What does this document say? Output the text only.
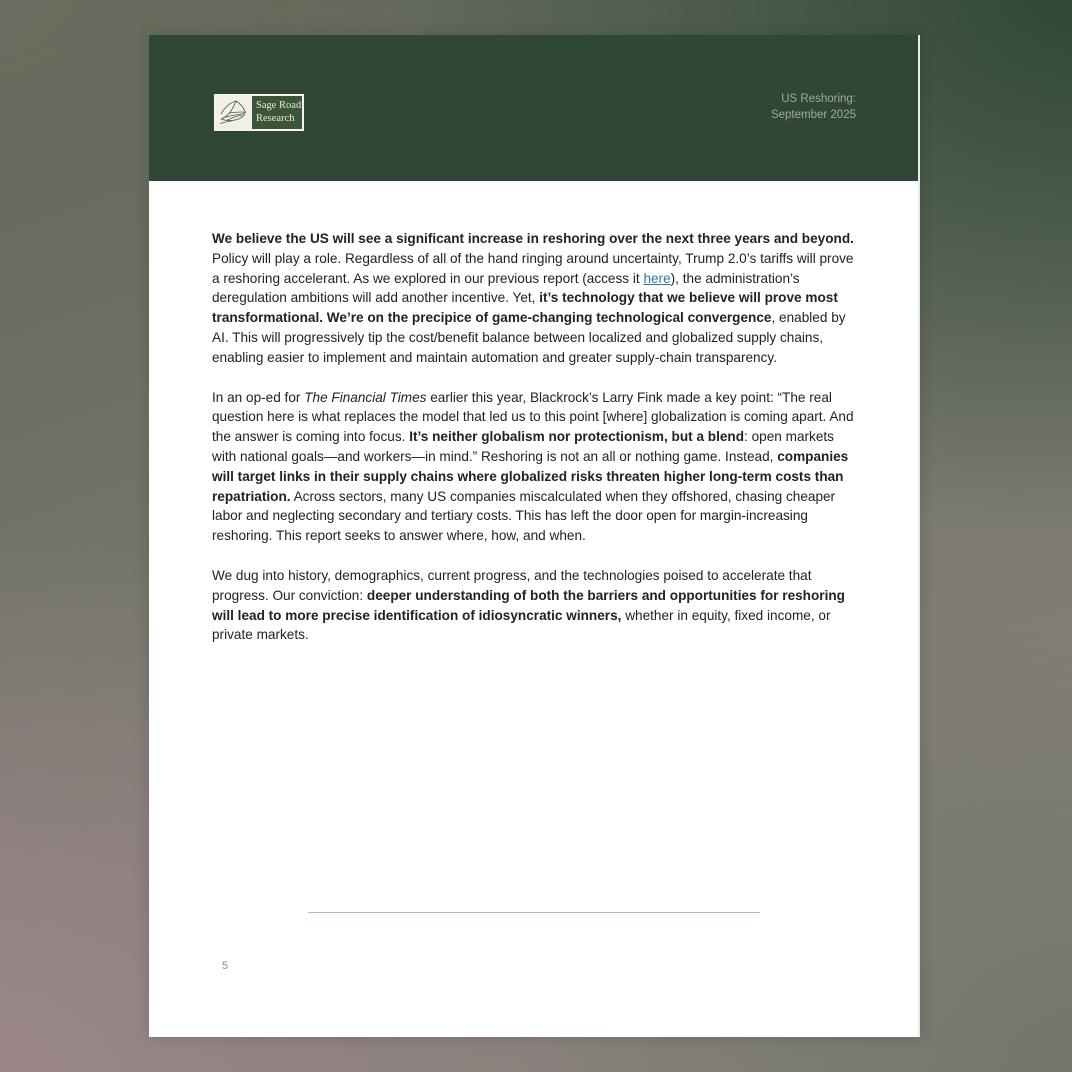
Sage Road
Research
US Reshoring:
September 2025

We believe the US will see a significant increase in reshoring over the next three years and beyond. Policy will play a role. Regardless of all of the hand ringing around uncertainty, Trump 2.0’s tariffs will prove a reshoring accelerant. As we explored in our previous report (access it here), the administration’s deregulation ambitions will add another incentive. Yet, it’s technology that we believe will prove most transformational. We’re on the precipice of game-changing technological convergence, enabled by AI. This will progressively tip the cost/benefit balance between localized and globalized supply chains, enabling easier to implement and maintain automation and greater supply-chain transparency.

In an op-ed for The Financial Times earlier this year, Blackrock’s Larry Fink made a key point: “The real question here is what replaces the model that led us to this point [where] globalization is coming apart. And the answer is coming into focus. It’s neither globalism nor protectionism, but a blend: open markets with national goals—and workers—in mind.” Reshoring is not an all or nothing game. Instead, companies will target links in their supply chains where globalized risks threaten higher long-term costs than repatriation. Across sectors, many US companies miscalculated when they offshored, chasing cheaper labor and neglecting secondary and tertiary costs. This has left the door open for margin-increasing reshoring. This report seeks to answer where, how, and when.

We dug into history, demographics, current progress, and the technologies poised to accelerate that progress. Our conviction: deeper understanding of both the barriers and opportunities for reshoring will lead to more precise identification of idiosyncratic winners, whether in equity, fixed income, or private markets.

5
